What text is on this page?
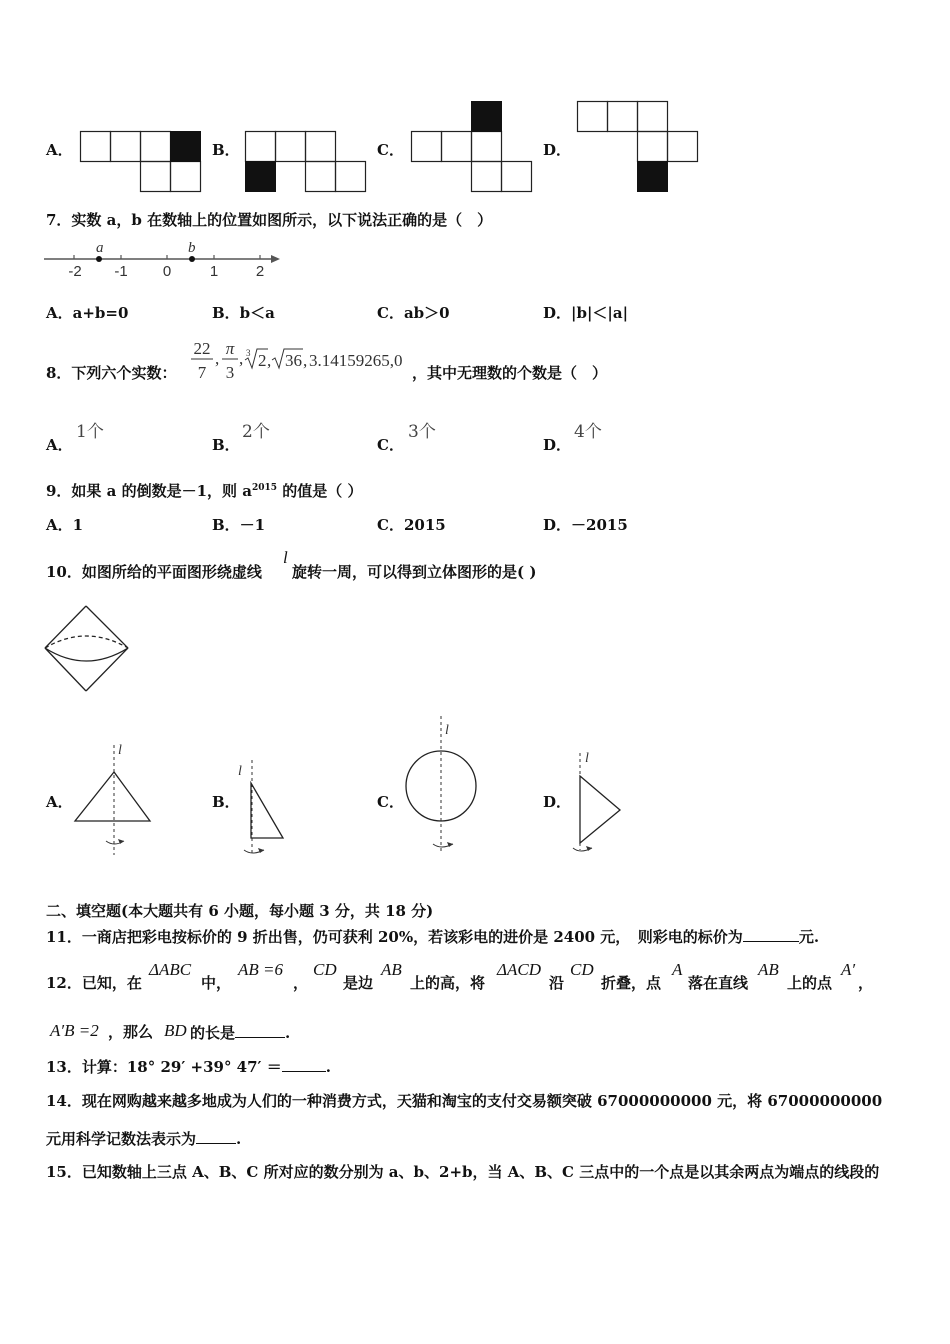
A．	B．	C．	D．
7．实数 a，b 在数轴上的位置如图所示，以下说法正确的是（　）
a	b
-2 -1 0	1	2
A．a+b=0	B．b＜a	C．ab＞0	D．|b|＜|a|
8．下列六个实数：
22
7
,
π
3
, 3 2 , 36 , 3.14159265,0
，其中无理数的个数是（　）
A．
1个
B．
2个
C．
3个
D．
4个
9．如果 a 的倒数是－1，则 $a^{2015}$ 的值是（ ）
A．1	B．－1	C．2015	D．－2015
10．如图所给的平面图形绕虚线
l
旋转一周，可以得到立体图形的是( )
A．
l
B．
l
C．
l
D．
l
二、填空题(本大题共有 6 小题，每小题 3 分，共 18 分)
11．一商店把彩电按标价的 9 折出售，仍可获利 20%，若该彩电的进价是 2400 元，　则彩电的标价为	元.
12．已知，在
ΔABC
中，
AB =6
，
CD
是边
AB
上的高，将
ΔACD
沿
CD
折叠，点
A
落在直线
AB
上的点
A′
，
A′B =2 ，那么 BD 的长是	.
13．计算：18° 29′ +39° 47′ ＝	.
14．现在网购越来越多地成为人们的一种消费方式，天猫和淘宝的支付交易额突破 67000000000 元，将 67000000000
元用科学记数法表示为	.
15．已知数轴上三点 A、B、C 所对应的数分别为 a、b、2+b，当 A、B、C 三点中的一个点是以其余两点为端点的线段的
